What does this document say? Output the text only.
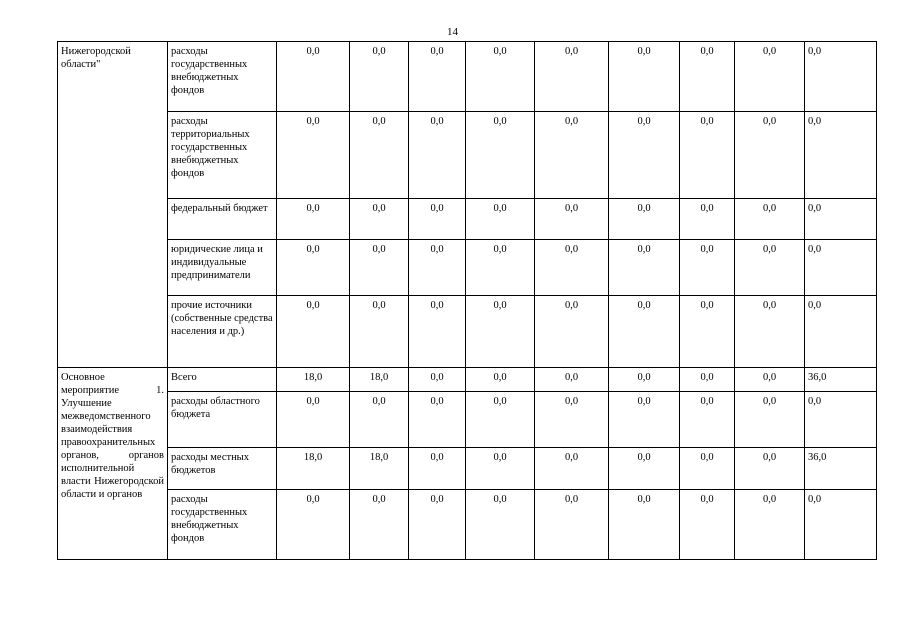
14
Нижегородской области"	расходы государственных внебюджетных фондов	0,0	0,0	0,0	0,0	0,0	0,0	0,0	0,0	0,0
	расходы территориальных государственных внебюджетных фондов	0,0	0,0	0,0	0,0	0,0	0,0	0,0	0,0	0,0
	федеральный бюджет	0,0	0,0	0,0	0,0	0,0	0,0	0,0	0,0	0,0
	юридические лица и индивидуальные предприниматели	0,0	0,0	0,0	0,0	0,0	0,0	0,0	0,0	0,0
	прочие источники (собственные средства населения и др.)	0,0	0,0	0,0	0,0	0,0	0,0	0,0	0,0	0,0
Основное мероприятие 1. Улучшение межведомственного взаимодействия правоохранительных органов, органов исполнительной власти Нижегородской области и органов	Всего	18,0	18,0	0,0	0,0	0,0	0,0	0,0	0,0	36,0
	расходы областного бюджета	0,0	0,0	0,0	0,0	0,0	0,0	0,0	0,0	0,0
	расходы местных бюджетов	18,0	18,0	0,0	0,0	0,0	0,0	0,0	0,0	36,0
	расходы государственных внебюджетных фондов	0,0	0,0	0,0	0,0	0,0	0,0	0,0	0,0	0,0
